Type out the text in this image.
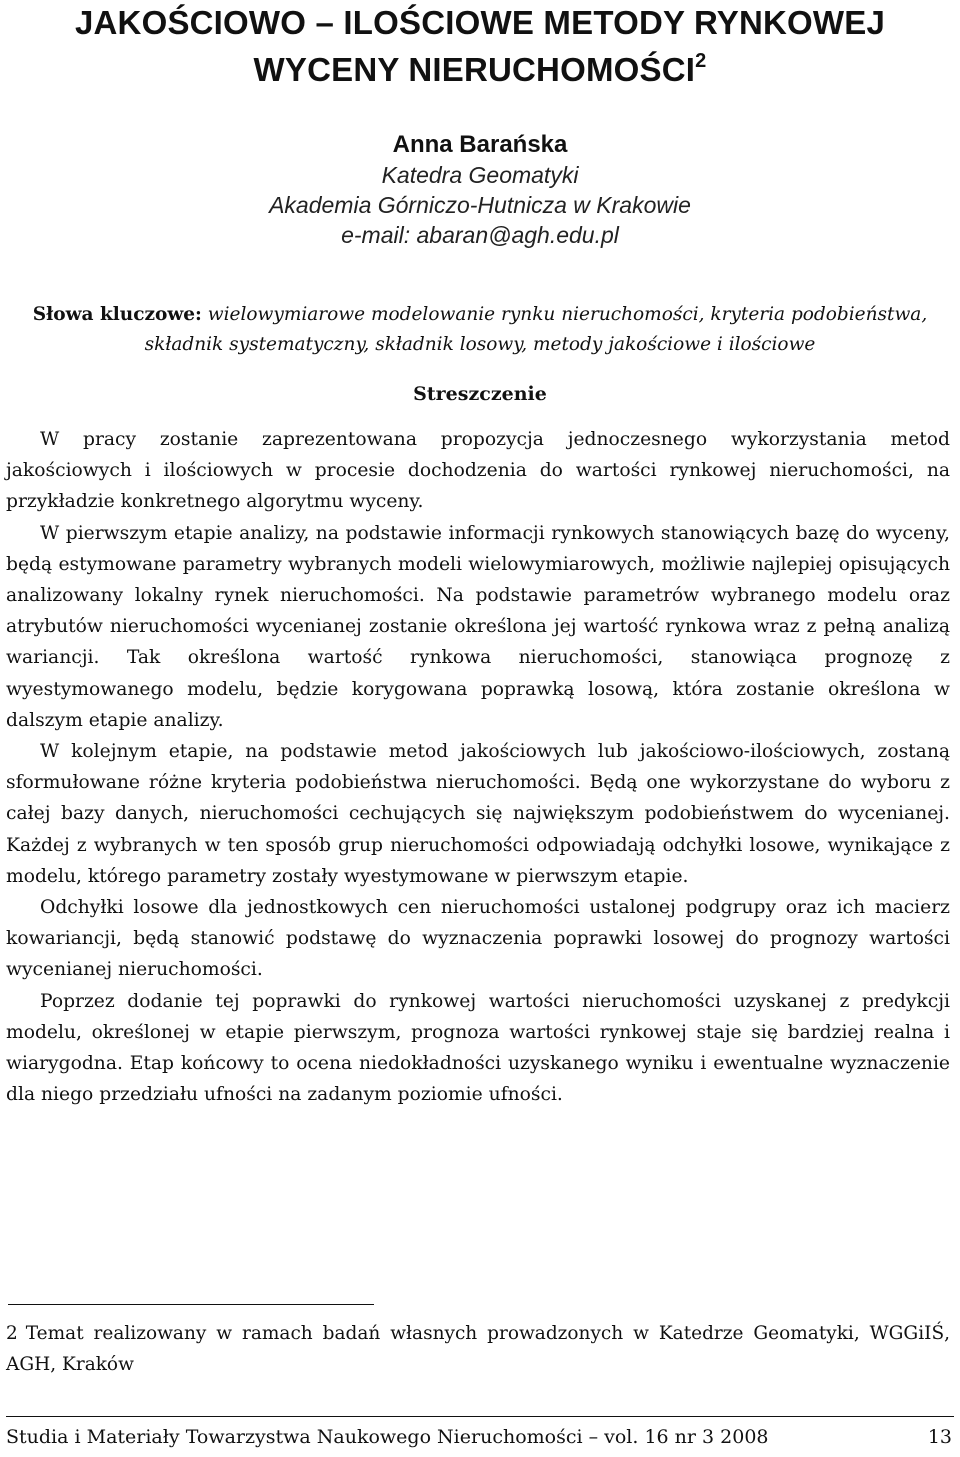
JAKOŚCIOWO – ILOŚCIOWE METODY RYNKOWEJ
WYCENY NIERUCHOMOŚCI$^2$
Anna Barańska
Katedra Geomatyki
Akademia Górniczo-Hutnicza w Krakowie
e-mail: abaran@agh.edu.pl
Słowa kluczowe: wielowymiarowe modelowanie rynku nieruchomości, kryteria podobieństwa, składnik systematyczny, składnik losowy, metody jakościowe i ilościowe
Streszczenie

W pracy zostanie zaprezentowana propozycja jednoczesnego wykorzystania metod jakościowych i ilościowych w procesie dochodzenia do wartości rynkowej nieruchomości, na przykładzie konkretnego algorytmu wyceny.

W pierwszym etapie analizy, na podstawie informacji rynkowych stanowiących bazę do wyceny, będą estymowane parametry wybranych modeli wielowymiarowych, możliwie najlepiej opisujących analizowany lokalny rynek nieruchomości. Na podstawie parametrów wybranego modelu oraz atrybutów nieruchomości wycenianej zostanie określona jej wartość rynkowa wraz z pełną analizą wariancji. Tak określona wartość rynkowa nieruchomości, stanowiąca prognozę z wyestymowanego modelu, będzie korygowana poprawką losową, która zostanie określona w dalszym etapie analizy.

W kolejnym etapie, na podstawie metod jakościowych lub jakościowo-ilościowych, zostaną sformułowane różne kryteria podobieństwa nieruchomości. Będą one wykorzystane do wyboru z całej bazy danych, nieruchomości cechujących się największym podobieństwem do wycenianej. Każdej z wybranych w ten sposób grup nieruchomości odpowiadają odchyłki losowe, wynikające z modelu, którego parametry zostały wyestymowane w pierwszym etapie.

Odchyłki losowe dla jednostkowych cen nieruchomości ustalonej podgrupy oraz ich macierz kowariancji, będą stanowić podstawę do wyznaczenia poprawki losowej do prognozy wartości wycenianej nieruchomości.

Poprzez dodanie tej poprawki do rynkowej wartości nieruchomości uzyskanej z predykcji modelu, określonej w etapie pierwszym, prognoza wartości rynkowej staje się bardziej realna i wiarygodna. Etap końcowy to ocena niedokładności uzyskanego wyniku i ewentualne wyznaczenie dla niego przedziału ufności na zadanym poziomie ufności.

2 Temat realizowany w ramach badań własnych prowadzonych w Katedrze Geomatyki, WGGiIŚ, AGH, Kraków

Studia i Materiały Towarzystwa Naukowego Nieruchomości – vol. 16 nr 3 2008	13
